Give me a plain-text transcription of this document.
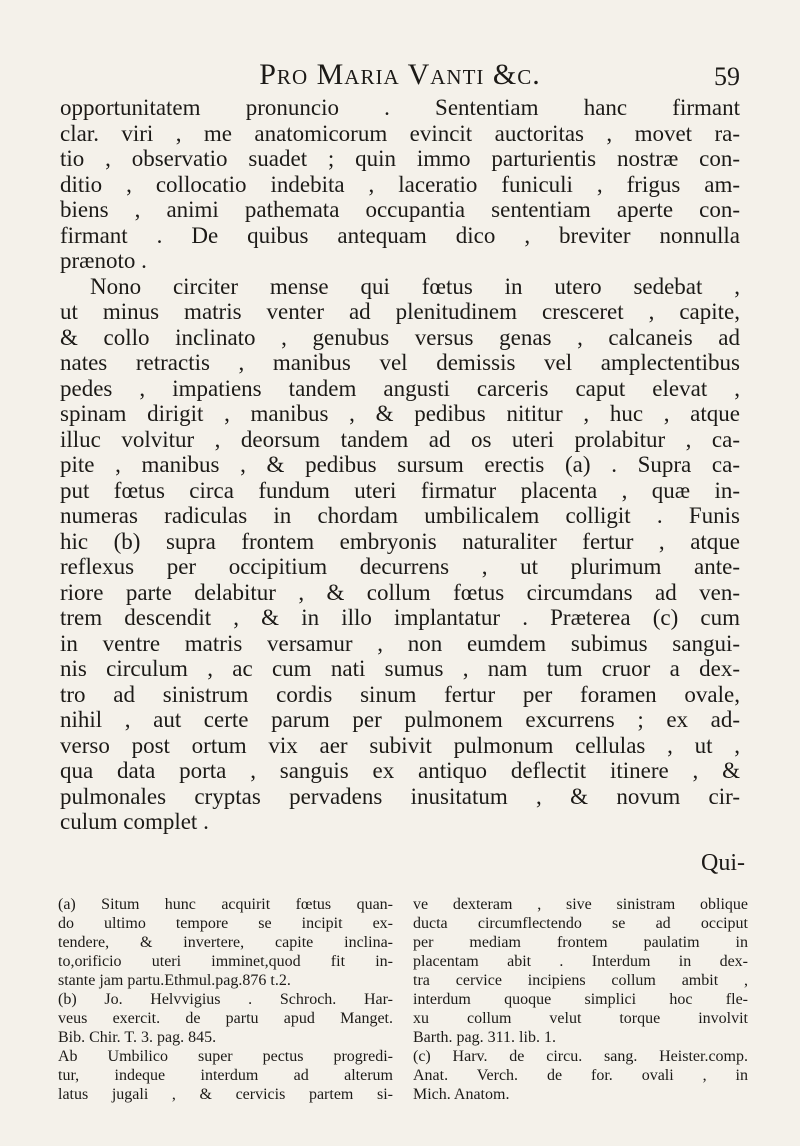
Pro Maria Vanti &c.	59
opportunitatem pronuncio . Sententiam hanc firmant
clar. viri , me anatomicorum evincit auctoritas , movet ra-
tio , observatio suadet ; quin immo parturientis nostræ con-
ditio , collocatio indebita , laceratio funiculi , frigus am-
biens , animi pathemata occupantia sententiam aperte con-
firmant . De quibus antequam dico , breviter nonnulla
prænoto .
Nono circiter mense qui fœtus in utero sedebat ,
ut minus matris venter ad plenitudinem cresceret , capite,
& collo inclinato , genubus versus genas , calcaneis ad
nates retractis , manibus vel demissis vel amplectentibus
pedes , impatiens tandem angusti carceris caput elevat ,
spinam dirigit , manibus , & pedibus nititur , huc , atque
illuc volvitur , deorsum tandem ad os uteri prolabitur , ca-
pite , manibus , & pedibus sursum erectis (a) . Supra ca-
put fœtus circa fundum uteri firmatur placenta , quæ in-
numeras radiculas in chordam umbilicalem colligit . Funis
hic (b) supra frontem embryonis naturaliter fertur , atque
reflexus per occipitium decurrens , ut plurimum ante-
riore parte delabitur , & collum fœtus circumdans ad ven-
trem descendit , & in illo implantatur . Præterea (c) cum
in ventre matris versamur , non eumdem subimus sangui-
nis circulum , ac cum nati sumus , nam tum cruor a dex-
tro ad sinistrum cordis sinum fertur per foramen ovale,
nihil , aut certe parum per pulmonem excurrens ; ex ad-
verso post ortum vix aer subivit pulmonum cellulas , ut ,
qua data porta , sanguis ex antiquo deflectit itinere , &
pulmonales cryptas pervadens inusitatum , & novum cir-
culum complet .
Qui-
(a) Situm hunc acquirit fœtus quan-
do ultimo tempore se incipit ex-
tendere, & invertere, capite inclina-
to,orificio uteri imminet,quod fit in-
stante jam partu.Ethmul.pag.876 t.2.
(b) Jo. Helvvigius . Schroch. Har-
veus exercit. de partu apud Manget.
Bib. Chir. T. 3. pag. 845.
Ab Umbilico super pectus progredi-
tur, indeque interdum ad alterum
latus jugali , & cervicis partem si-
ve dexteram , sive sinistram oblique
ducta circumflectendo se ad occiput
per mediam frontem paulatim in
placentam abit . Interdum in dex-
tra cervice incipiens collum ambit ,
interdum quoque simplici hoc fle-
xu collum velut torque involvit
Barth. pag. 311. lib. 1.
(c) Harv. de circu. sang. Heister.comp.
Anat. Verch. de for. ovali , in
Mich. Anatom.
